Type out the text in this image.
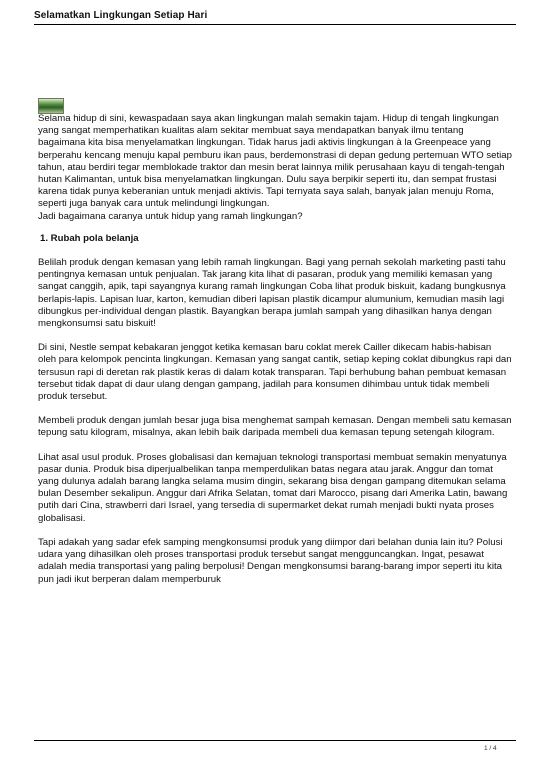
Selamatkan Lingkungan Setiap Hari

Selama hidup di sini, kewaspadaan saya akan lingkungan malah semakin tajam. Hidup di tengah lingkungan yang sangat memperhatikan kualitas alam sekitar membuat saya mendapatkan banyak ilmu tentang bagaimana kita bisa menyelamatkan lingkungan. Tidak harus jadi aktivis lingkungan à la Greenpeace yang berperahu kencang menuju kapal pemburu ikan paus, berdemonstrasi di depan gedung pertemuan WTO setiap tahun, atau berdiri tegar memblokade traktor dan mesin berat lainnya milik perusahaan kayu di tengah-tengah hutan Kalimantan, untuk bisa menyelamatkan lingkungan. Dulu saya berpikir seperti itu, dan sempat frustasi karena tidak punya keberanian untuk menjadi aktivis. Tapi ternyata saya salah, banyak jalan menuju Roma, seperti juga banyak cara untuk melindungi lingkungan.
Jadi bagaimana caranya untuk hidup yang ramah lingkungan?

1. Rubah pola belanja

Belilah produk dengan kemasan yang lebih ramah lingkungan. Bagi yang pernah sekolah marketing pasti tahu pentingnya kemasan untuk penjualan. Tak jarang kita lihat di pasaran, produk yang memiliki kemasan yang sangat canggih, apik, tapi sayangnya kurang ramah lingkungan Coba lihat produk biskuit, kadang bungkusnya berlapis-lapis. Lapisan luar, karton, kemudian diberi lapisan plastik dicampur alumunium, kemudian masih lagi dibungkus per-individual dengan plastik. Bayangkan berapa jumlah sampah yang dihasilkan hanya dengan mengkonsumsi satu biskuit!

Di sini, Nestle sempat kebakaran jenggot ketika kemasan baru coklat merek Cailler dikecam habis-habisan oleh para kelompok pencinta lingkungan. Kemasan yang sangat cantik, setiap keping coklat dibungkus rapi dan tersusun rapi di deretan rak plastik keras di dalam kotak transparan. Tapi berhubung bahan pembuat kemasan tersebut tidak dapat di daur ulang dengan gampang, jadilah para konsumen dihimbau untuk tidak membeli produk tersebut.

Membeli produk dengan jumlah besar juga bisa menghemat sampah kemasan. Dengan membeli satu kemasan tepung satu kilogram, misalnya, akan lebih baik daripada membeli dua kemasan tepung setengah kilogram.

Lihat asal usul produk. Proses globalisasi dan kemajuan teknologi transportasi membuat semakin menyatunya pasar dunia. Produk bisa diperjualbelikan tanpa memperdulikan batas negara atau jarak. Anggur dan tomat yang dulunya adalah barang langka selama musim dingin, sekarang bisa dengan gampang ditemukan selama bulan Desember sekalipun. Anggur dari Afrika Selatan, tomat dari Marocco, pisang dari Amerika Latin, bawang putih dari Cina, strawberri dari Israel, yang tersedia di supermarket dekat rumah menjadi bukti nyata proses globalisasi.

Tapi adakah yang sadar efek samping mengkonsumsi produk yang diimpor dari belahan dunia lain itu? Polusi udara yang dihasilkan oleh proses transportasi produk tersebut sangat mengguncangkan. Ingat, pesawat adalah media transportasi yang paling berpolusi! Dengan mengkonsumsi barang-barang impor seperti itu kita pun jadi ikut berperan dalam memperburuk

1 / 4
